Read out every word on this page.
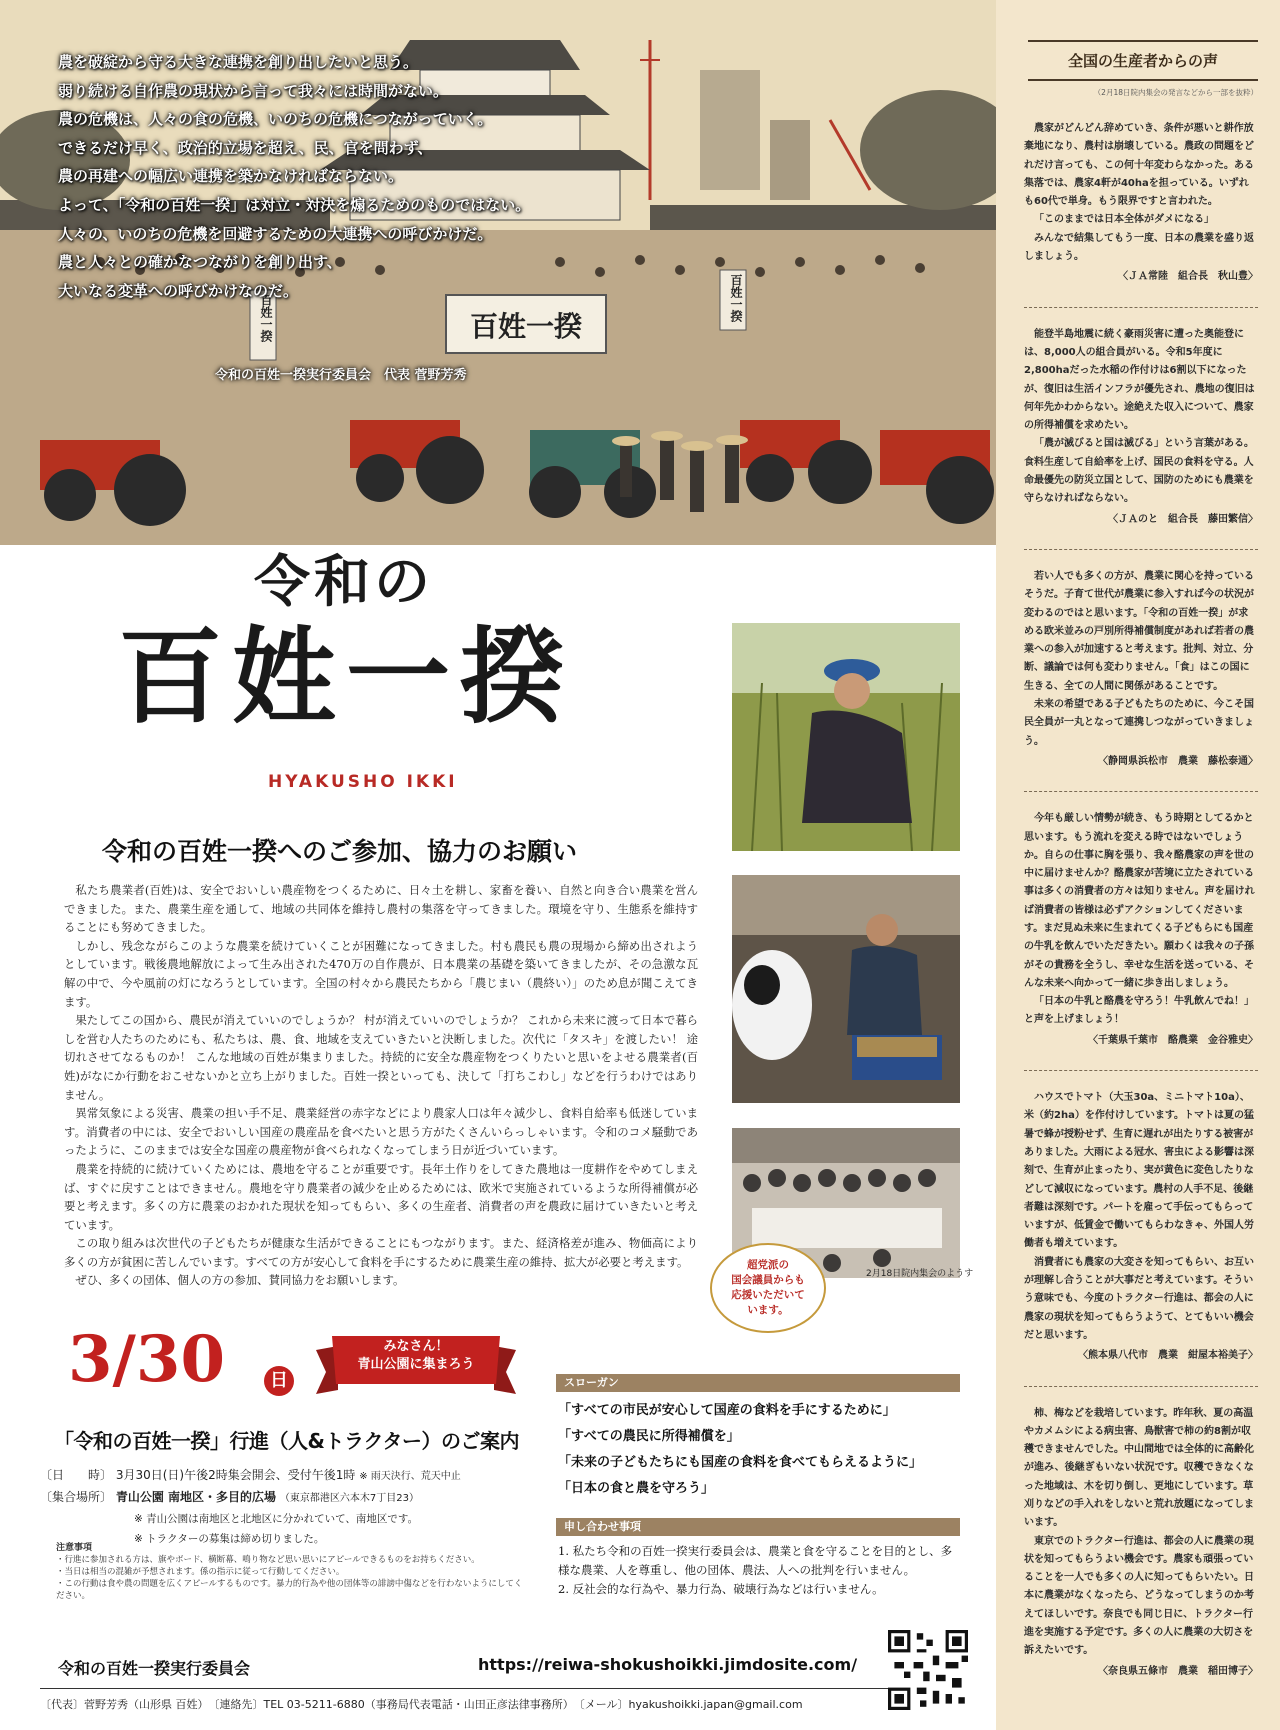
百姓一揆
百姓一揆	百姓一揆
農を破綻から守る大きな連携を創り出したいと思う。
弱り続ける自作農の現状から言って我々には時間がない。
農の危機は、人々の食の危機、いのちの危機につながっていく。
できるだけ早く、政治的立場を超え、民、官を問わず、
農の再建への幅広い連携を築かなければならない。
よって、「令和の百姓一揆」は対立・対決を煽るためのものではない。
人々の、いのちの危機を回避するための大連携への呼びかけだ。
農と人々との確かなつながりを創り出す、
大いなる変革への呼びかけなのだ。
令和の百姓一揆実行委員会　代表 菅野芳秀
全国の生産者からの声
（2月18日院内集会の発言などから一部を抜粋）

農家がどんどん辞めていき、条件が悪いと耕作放棄地になり、農村は崩壊している。農政の問題をどれだけ言っても、この何十年変わらなかった。ある集落では、農家4軒が40haを担っている。いずれも60代で単身。もう限界ですと言われた。

「このままでは日本全体がダメになる」

みんなで結集してもう一度、日本の農業を盛り返しましょう。

〈ＪＡ常陸　組合長　秋山豊〉

能登半島地震に続く豪雨災害に遭った奥能登には、8,000人の組合員がいる。令和5年度に2,800haだった水稲の作付けは6割以下になったが、復旧は生活インフラが優先され、農地の復旧は何年先かわからない。途絶えた収入について、農家の所得補償を求めたい。

「農が滅びると国は滅びる」という言葉がある。食料生産して自給率を上げ、国民の食料を守る。人命最優先の防災立国として、国防のためにも農業を守らなければならない。

〈ＪＡのと　組合長　藤田繁信〉

若い人でも多くの方が、農業に関心を持っているそうだ。子育て世代が農業に参入すれば今の状況が変わるのではと思います。「令和の百姓一揆」が求める欧米並みの戸別所得補償制度があれば若者の農業への参入が加速すると考えます。批判、対立、分断、議論では何も変わりません。「食」はこの国に生きる、全ての人間に関係があることです。

未来の希望である子どもたちのために、今こそ国民全員が一丸となって連携しつながっていきましょう。

〈静岡県浜松市　農業　藤松泰通〉

今年も厳しい情勢が続き、もう時期としてるかと思います。もう流れを変える時ではないでしょうか。自らの仕事に胸を張り、我々酪農家の声を世の中に届けませんか？酪農家が苦境に立たされている事は多くの消費者の方々は知りません。声を届ければ消費者の皆様は必ずアクションしてくださいます。まだ見ぬ未来に生まれてくる子どもらにも国産の牛乳を飲んでいただきたい。願わくは我々の子孫がその貴務を全うし、幸せな生活を送っている、そんな未来へ向かって一緒に歩き出しましょう。

「日本の牛乳と酪農を守ろう！牛乳飲んでね！」と声を上げましょう！

〈千葉県千葉市　酪農業　金谷雅史〉

ハウスでトマト（大玉30a、ミニトマト10a）、米（約2ha）を作付けしています。トマトは夏の猛暑で蜂が授粉せず、生育に遅れが出たりする被害がありました。大雨による冠水、害虫による影響は深刻で、生育が止まったり、実が黄色に変色したりなどして減収になっています。農村の人手不足、後継者難は深刻です。パートを雇って手伝ってもらっていますが、低賃金で働いてもらわなきゃ、外国人労働者も増えています。

消費者にも農家の大変さを知ってもらい、お互いが理解し合うことが大事だと考えています。そういう意味でも、今度のトラクター行進は、都会の人に農家の現状を知ってもらうようて、とてもいい機会だと思います。

〈熊本県八代市　農業　紺屋本裕美子〉

柿、梅などを栽培しています。昨年秋、夏の高温やカメムシによる病虫害、鳥獣害で柿の約8割が収穫できませんでした。中山間地では全体的に高齢化が進み、後継ぎもいない状況です。収穫できなくなった地域は、木を切り倒し、更地にしています。草刈りなどの手入れをしないと荒れ放題になってしまいます。

東京でのトラクター行進は、都会の人に農業の現状を知ってもらうよい機会です。農家も頑張っていることを一人でも多くの人に知ってもらいたい。日本に農業がなくなったら、どうなってしまうのか考えてほしいです。奈良でも同じ日に、トラクター行進を実施する予定です。多くの人に農業の大切さを訴えたいです。

〈奈良県五條市　農業　稲田博子〉
令和の
百姓一揆
HYAKUSHO IKKI
令和の百姓一揆へのご参加、協力のお願い

私たち農業者(百姓)は、安全でおいしい農産物をつくるために、日々土を耕し、家畜を養い、自然と向き合い農業を営んできました。また、農業生産を通して、地域の共同体を維持し農村の集落を守ってきました。環境を守り、生態系を維持することにも努めてきました。

しかし、残念ながらこのような農業を続けていくことが困難になってきました。村も農民も農の現場から締め出されようとしています。戦後農地解放によって生み出された470万の自作農が、日本農業の基礎を築いてきましたが、その急激な瓦解の中で、今や風前の灯になろうとしています。全国の村々から農民たちから「農じまい（農終い）」のため息が聞こえてきます。

果たしてこの国から、農民が消えていいのでしょうか？ 村が消えていいのでしょうか？ これから未来に渡って日本で暮らしを営む人たちのためにも、私たちは、農、食、地域を支えていきたいと決断しました。次代に「タスキ」を渡したい！ 途切れさせてなるものか！ こんな地域の百姓が集まりました。持続的に安全な農産物をつくりたいと思いをよせる農業者(百姓)がなにか行動をおこせないかと立ち上がりました。百姓一揆といっても、決して「打ちこわし」などを行うわけではありません。

異常気象による災害、農業の担い手不足、農業経営の赤字などにより農家人口は年々減少し、食料自給率も低迷しています。消費者の中には、安全でおいしい国産の農産品を食べたいと思う方がたくさんいらっしゃいます。令和のコメ騒動であったように、このままでは安全な国産の農産物が食べられなくなってしまう日が近づいています。

農業を持続的に続けていくためには、農地を守ることが重要です。長年土作りをしてきた農地は一度耕作をやめてしまえば、すぐに戻すことはできません。農地を守り農業者の減少を止めるためには、欧米で実施されているような所得補償が必要と考えます。多くの方に農業のおかれた現状を知ってもらい、多くの生産者、消費者の声を農政に届けていきたいと考えています。

この取り組みは次世代の子どもたちが健康な生活ができることにもつながります。また、経済格差が進み、物価高により多くの方が貧困に苦しんでいます。すべての方が安心して食料を手にするために農業生産の維持、拡大が必要と考えます。

ぜひ、多くの団体、個人の方の参加、賛同協力をお願いします。	2月18日院内集会のようす
超党派の
国会議員からも
応援いただいて
います。
3/30	日
みなさん！
青山公園に集まろう
「令和の百姓一揆」行進（人&トラクター）のご案内
〔日　　時〕 3月30日(日)午後2時集会開会、受付午後1時 ※ 雨天決行、荒天中止
〔集合場所〕 青山公園 南地区・多目的広場 （東京都港区六本木7丁目23）
※ 青山公園は南地区と北地区に分かれていて、南地区です。
※ トラクターの募集は締め切りました。
注意事項
・行進に参加される方は、旗やボード、横断幕、鳴り物など思い思いにアピールできるものをお持ちください。
・当日は相当の混雑が予想されます。係の指示に従って行動してください。
・この行動は食や農の問題を広くアピールするものです。暴力的行為や他の団体等の誹謗中傷などを行わないようにしてください。
スローガン
「すべての市民が安心して国産の食料を手にするために」
「すべての農民に所得補償を」
「未来の子どもたちにも国産の食料を食べてもらえるように」
「日本の食と農を守ろう」
申し合わせ事項
1. 私たち令和の百姓一揆実行委員会は、農業と食を守ることを目的とし、多様な農業、人を尊重し、他の団体、農法、人への批判を行いません。
2. 反社会的な行為や、暴力行為、破壊行為などは行いません。
令和の百姓一揆実行委員会	https://reiwa-shokushoikki.jimdosite.com/
〔代表〕菅野芳秀（山形県 百姓）　〔連絡先〕TEL 03-5211-6880（事務局代表電話・山田正彦法律事務所）　〔メール〕hyakushoikki.japan@gmail.com
